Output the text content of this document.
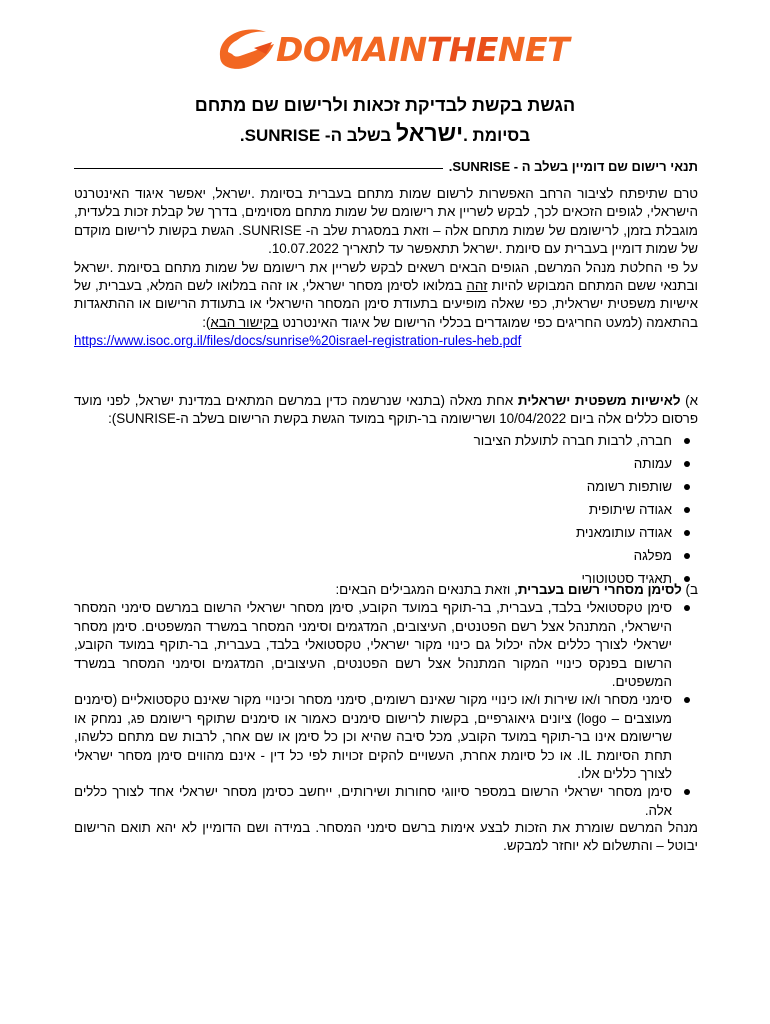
DOMAINTHENET
הגשת בקשת לבדיקת זכאות ולרישום שם מתחם
בסיומת .ישראל בשלב ה- SUNRISE.
תנאי רישום שם דומיין בשלב ה - SUNRISE.

טרם שתיפתח לציבור הרחב האפשרות לרשום שמות מתחם בעברית בסיומת .ישראל, יאפשר איגוד האינטרנט הישראלי, לגופים הזכאים לכך, לבקש לשריין את רישומם של שמות מתחם מסוימים, בדרך של קבלת זכות בלעדית, מוגבלת בזמן, לרישומם של שמות מתחם אלה – וזאת במסגרת שלב ה- SUNRISE. הגשת בקשות לרישום מוקדם של שמות דומיין בעברית עם סיומת .ישראל תתאפשר עד לתאריך 10.07.2022.

על פי החלטת מנהל המרשם, הגופים הבאים רשאים לבקש לשריין את רישומם של שמות מתחם בסיומת .ישראל ובתנאי ששם המתחם המבוקש להיות זהה במלואו לסימן מסחר ישראלי, או זהה במלואו לשם המלא, בעברית, של אישיות משפטית ישראלית, כפי שאלה מופיעים בתעודת סימן המסחר הישראלי או בתעודת הרישום או ההתאגדות בהתאמה (למעט החריגים כפי שמוגדרים בכללי הרישום של איגוד האינטרנט בקישור הבא):

https://www.isoc.org.il/files/docs/sunrise%20israel-registration-rules-heb.pdf

א) לאישיות משפטית ישראלית אחת מאלה (בתנאי שנרשמה כדין במרשם המתאים במדינת ישראל, לפני מועד פרסום כללים אלה ביום 10/04/2022 ושרישומה בר-תוקף במועד הגשת בקשת הרישום בשלב ה-SUNRISE):

חברה, לרבות חברה לתועלת הציבור
עמותה
שותפות רשומה
אגודה שיתופית
אגודה עותומאנית
מפלגה
תאגיד סטטוטורי

ב) לסימן מסחרי רשום בעברית, וזאת בתנאים המגבילים הבאים:

סימן טקסטואלי בלבד, בעברית, בר-תוקף במועד הקובע, סימן מסחר ישראלי הרשום במרשם סימני המסחר הישראלי, המתנהל אצל רשם הפטנטים, העיצובים, המדגמים וסימני המסחר במשרד המשפטים. סימן מסחר ישראלי לצורך כללים אלה יכלול גם כינוי מקור ישראלי, טקסטואלי בלבד, בעברית, בר-תוקף במועד הקובע, הרשום בפנקס כינויי המקור המתנהל אצל רשם הפטנטים, העיצובים, המדגמים וסימני המסחר במשרד המשפטים.
סימני מסחר ו/או שירות ו/או כינויי מקור שאינם רשומים, סימני מסחר וכינויי מקור שאינם טקסטואליים (סימנים מעוצבים – logo) ציונים גיאוגרפיים, בקשות לרישום סימנים כאמור או סימנים שתוקף רישומם פג, נמחק או שרישומם אינו בר-תוקף במועד הקובע, מכל סיבה שהיא וכן כל סימן או שם אחר, לרבות שם מתחם כלשהו, תחת הסיומת IL. או כל סיומת אחרת, העשויים להקים זכויות לפי כל דין - אינם מהווים סימן מסחר ישראלי לצורך כללים אלו.
סימן מסחר ישראלי הרשום במספר סיווגי סחורות ושירותים, ייחשב כסימן מסחר ישראלי אחד לצורך כללים אלה.

מנהל המרשם שומרת את הזכות לבצע אימות ברשם סימני המסחר. במידה ושם הדומיין לא יהא תואם הרישום יבוטל – והתשלום לא יוחזר למבקש.
